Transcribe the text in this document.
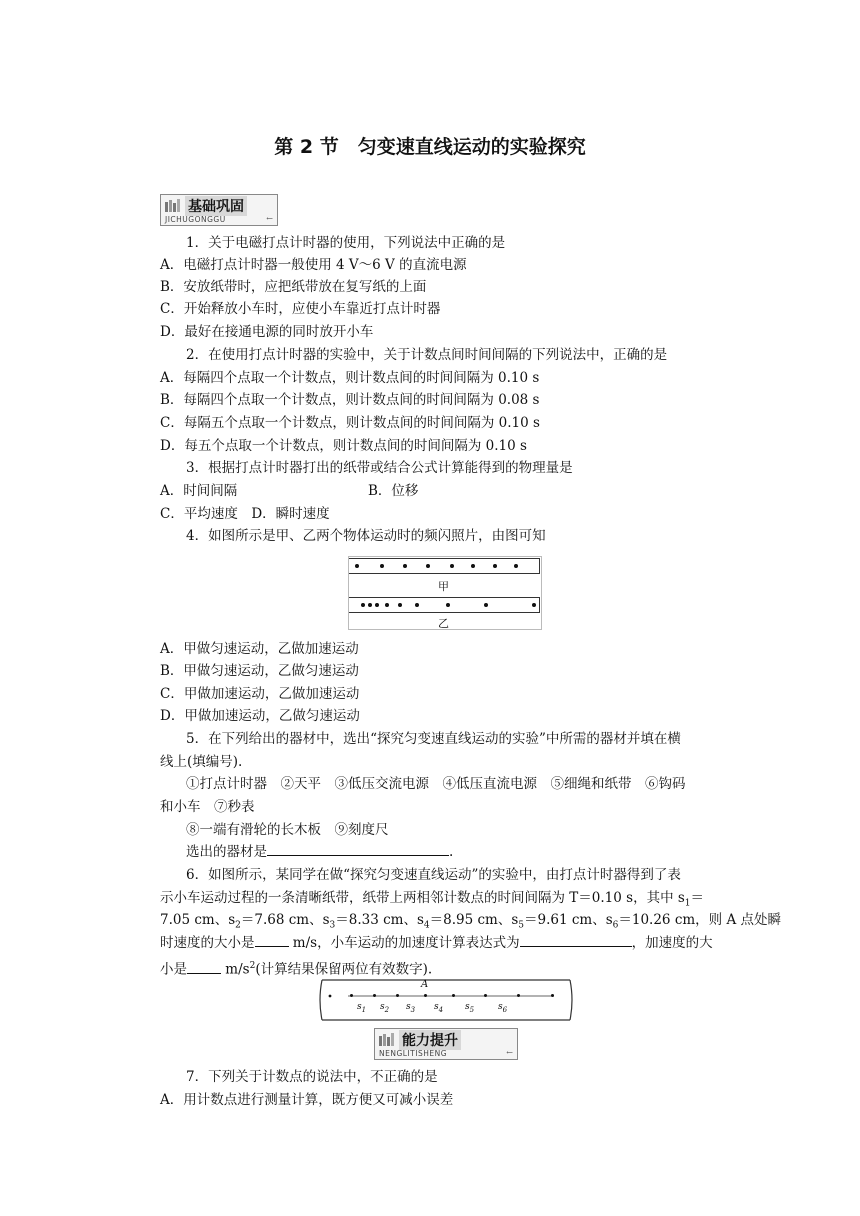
第 2 节　匀变速直线运动的实验探究
基础巩固
JICHUGONGGU	←
1．关于电磁打点计时器的使用，下列说法中正确的是
A．电磁打点计时器一般使用 4 V～6 V 的直流电源
B．安放纸带时，应把纸带放在复写纸的上面
C．开始释放小车时，应使小车靠近打点计时器
D．最好在接通电源的同时放开小车
2．在使用打点计时器的实验中，关于计数点间时间间隔的下列说法中，正确的是
A．每隔四个点取一个计数点，则计数点间的时间间隔为 0.10 s
B．每隔四个点取一个计数点，则计数点间的时间间隔为 0.08 s
C．每隔五个点取一个计数点，则计数点间的时间间隔为 0.10 s
D．每五个点取一个计数点，则计数点间的时间间隔为 0.10 s
3．根据打点计时器打出的纸带或结合公式计算能得到的物理量是
A．时间间隔	B．位移
C．平均速度　D．瞬时速度
4．如图所示是甲、乙两个物体运动时的频闪照片，由图可知
甲
乙
A．甲做匀速运动，乙做加速运动
B．甲做匀速运动，乙做匀速运动
C．甲做加速运动，乙做加速运动
D．甲做加速运动，乙做匀速运动
5．在下列给出的器材中，选出“探究匀变速直线运动的实验”中所需的器材并填在横
线上(填编号).
①打点计时器　②天平　③低压交流电源　④低压直流电源　⑤细绳和纸带　⑥钩码
和小车　⑦秒表
⑧一端有滑轮的长木板　⑨刻度尺
选出的器材是	.
6．如图所示，某同学在做“探究匀变速直线运动”的实验中，由打点计时器得到了表
示小车运动过程的一条清晰纸带，纸带上两相邻计数点的时间间隔为 T＝0.10 s，其中 $s_1=$
7.05 cm、$s_2=7.68$ cm、$s_3=8.33$ cm、$s_4=8.95$ cm、$s_5=9.61$ cm、$s_6=10.26$ cm，则 A 点处瞬
时速度的大小是	m/s，小车运动的加速度计算表达式为	，加速度的大
小是	$m/s^2$(计算结果保留两位有效数字).
A
$s_1$ $s_2$ $s_3$ $s_4$ $s_5$	$s_6$
能力提升
NENGLITISHENG	←
7．下列关于计数点的说法中，不正确的是
A．用计数点进行测量计算，既方便又可减小误差
